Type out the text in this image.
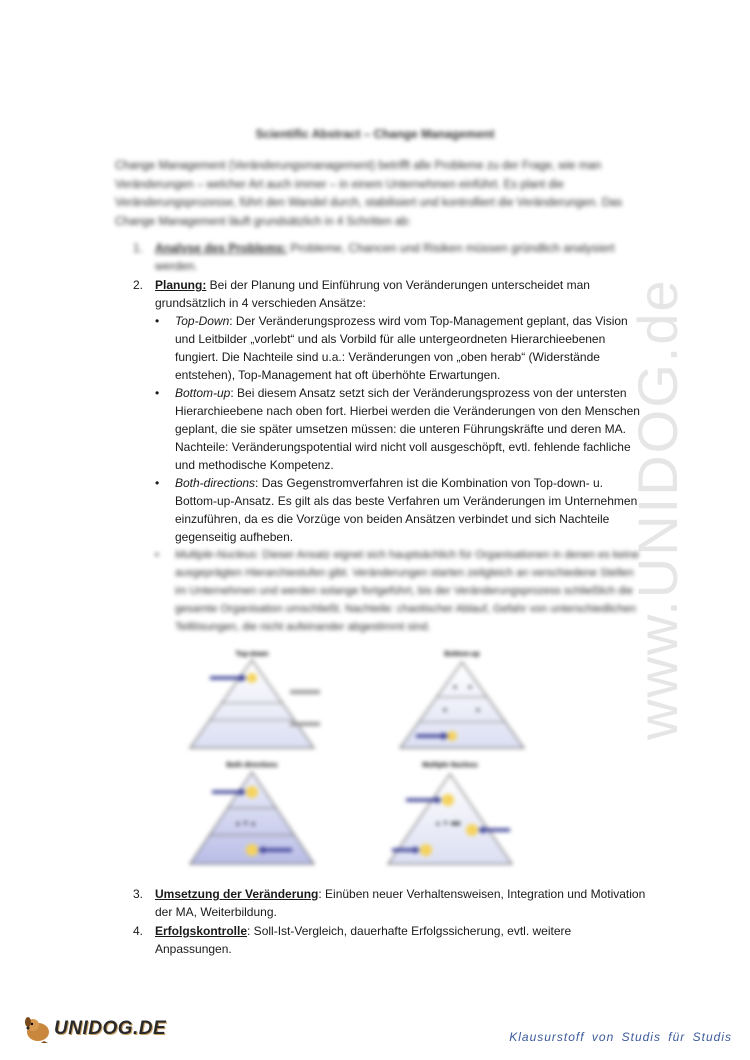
www.UNIDOG.de
Scientific Abstract – Change Management

Change Management (Veränderungsmanagement) betrifft alle Probleme zu der Frage, wie man

Veränderungen – welcher Art auch immer – in einem Unternehmen einführt. Es plant die

Veränderungsprozesse, führt den Wandel durch, stabilisiert und kontrolliert die Veränderungen. Das

Change Management läuft grundsätzlich in 4 Schritten ab:

1. Analyse des Problems: Probleme, Chancen und Risiken müssen gründlich analysiert werden.
2. Planung: Bei der Planung und Einführung von Veränderungen unterscheidet man grundsätzlich in 4 verschieden Ansätze:
• Top-Down: Der Veränderungsprozess wird vom Top-Management geplant, das Vision und Leitbilder „vorlebt“ und als Vorbild für alle untergeordneten Hierarchieebenen fungiert. Die Nachteile sind u.a.: Veränderungen von „oben herab“ (Widerstände entstehen), Top-Management hat oft überhöhte Erwartungen.
• Bottom-up: Bei diesem Ansatz setzt sich der Veränderungsprozess von der untersten Hierarchieebene nach oben fort. Hierbei werden die Veränderungen von den Menschen geplant, die sie später umsetzen müssen: die unteren Führungskräfte und deren MA. Nachteile: Veränderungspotential wird nicht voll ausgeschöpft, evtl. fehlende fachliche und methodische Kompetenz.
• Both-directions: Das Gegenstromverfahren ist die Kombination von Top-down- u. Bottom-up-Ansatz. Es gilt als das beste Verfahren um Veränderungen im Unternehmen einzuführen, da es die Vorzüge von beiden Ansätzen verbindet und sich Nachteile gegenseitig aufheben.
• Multiple-Nucleus: Dieser Ansatz eignet sich hauptsächlich für Organisationen in denen es keine ausgeprägten Hierarchiestufen gibt. Veränderungen starten zeitgleich an verschiedene Stellen im Unternehmen und werden solange fortgeführt, bis der Veränderungsprozess schließlich die gesamte Organisation umschließt. Nachteile: chaotischer Ablauf, Gefahr von unterschiedlichen Teillösungen, die nicht aufeinander abgestimmt sind.
Top-down	Bottom-up
Both directions
▲ ▼ ▲
Multiple Nucleus
▲ ▼ ◀ ▶
3. Umsetzung der Veränderung: Einüben neuer Verhaltensweisen, Integration und Motivation der MA, Weiterbildung.
4. Erfolgskontrolle: Soll-Ist-Vergleich, dauerhafte Erfolgssicherung, evtl. weitere Anpassungen.
UNIDOG.DE	Klausurstoff von Studis für Studis
